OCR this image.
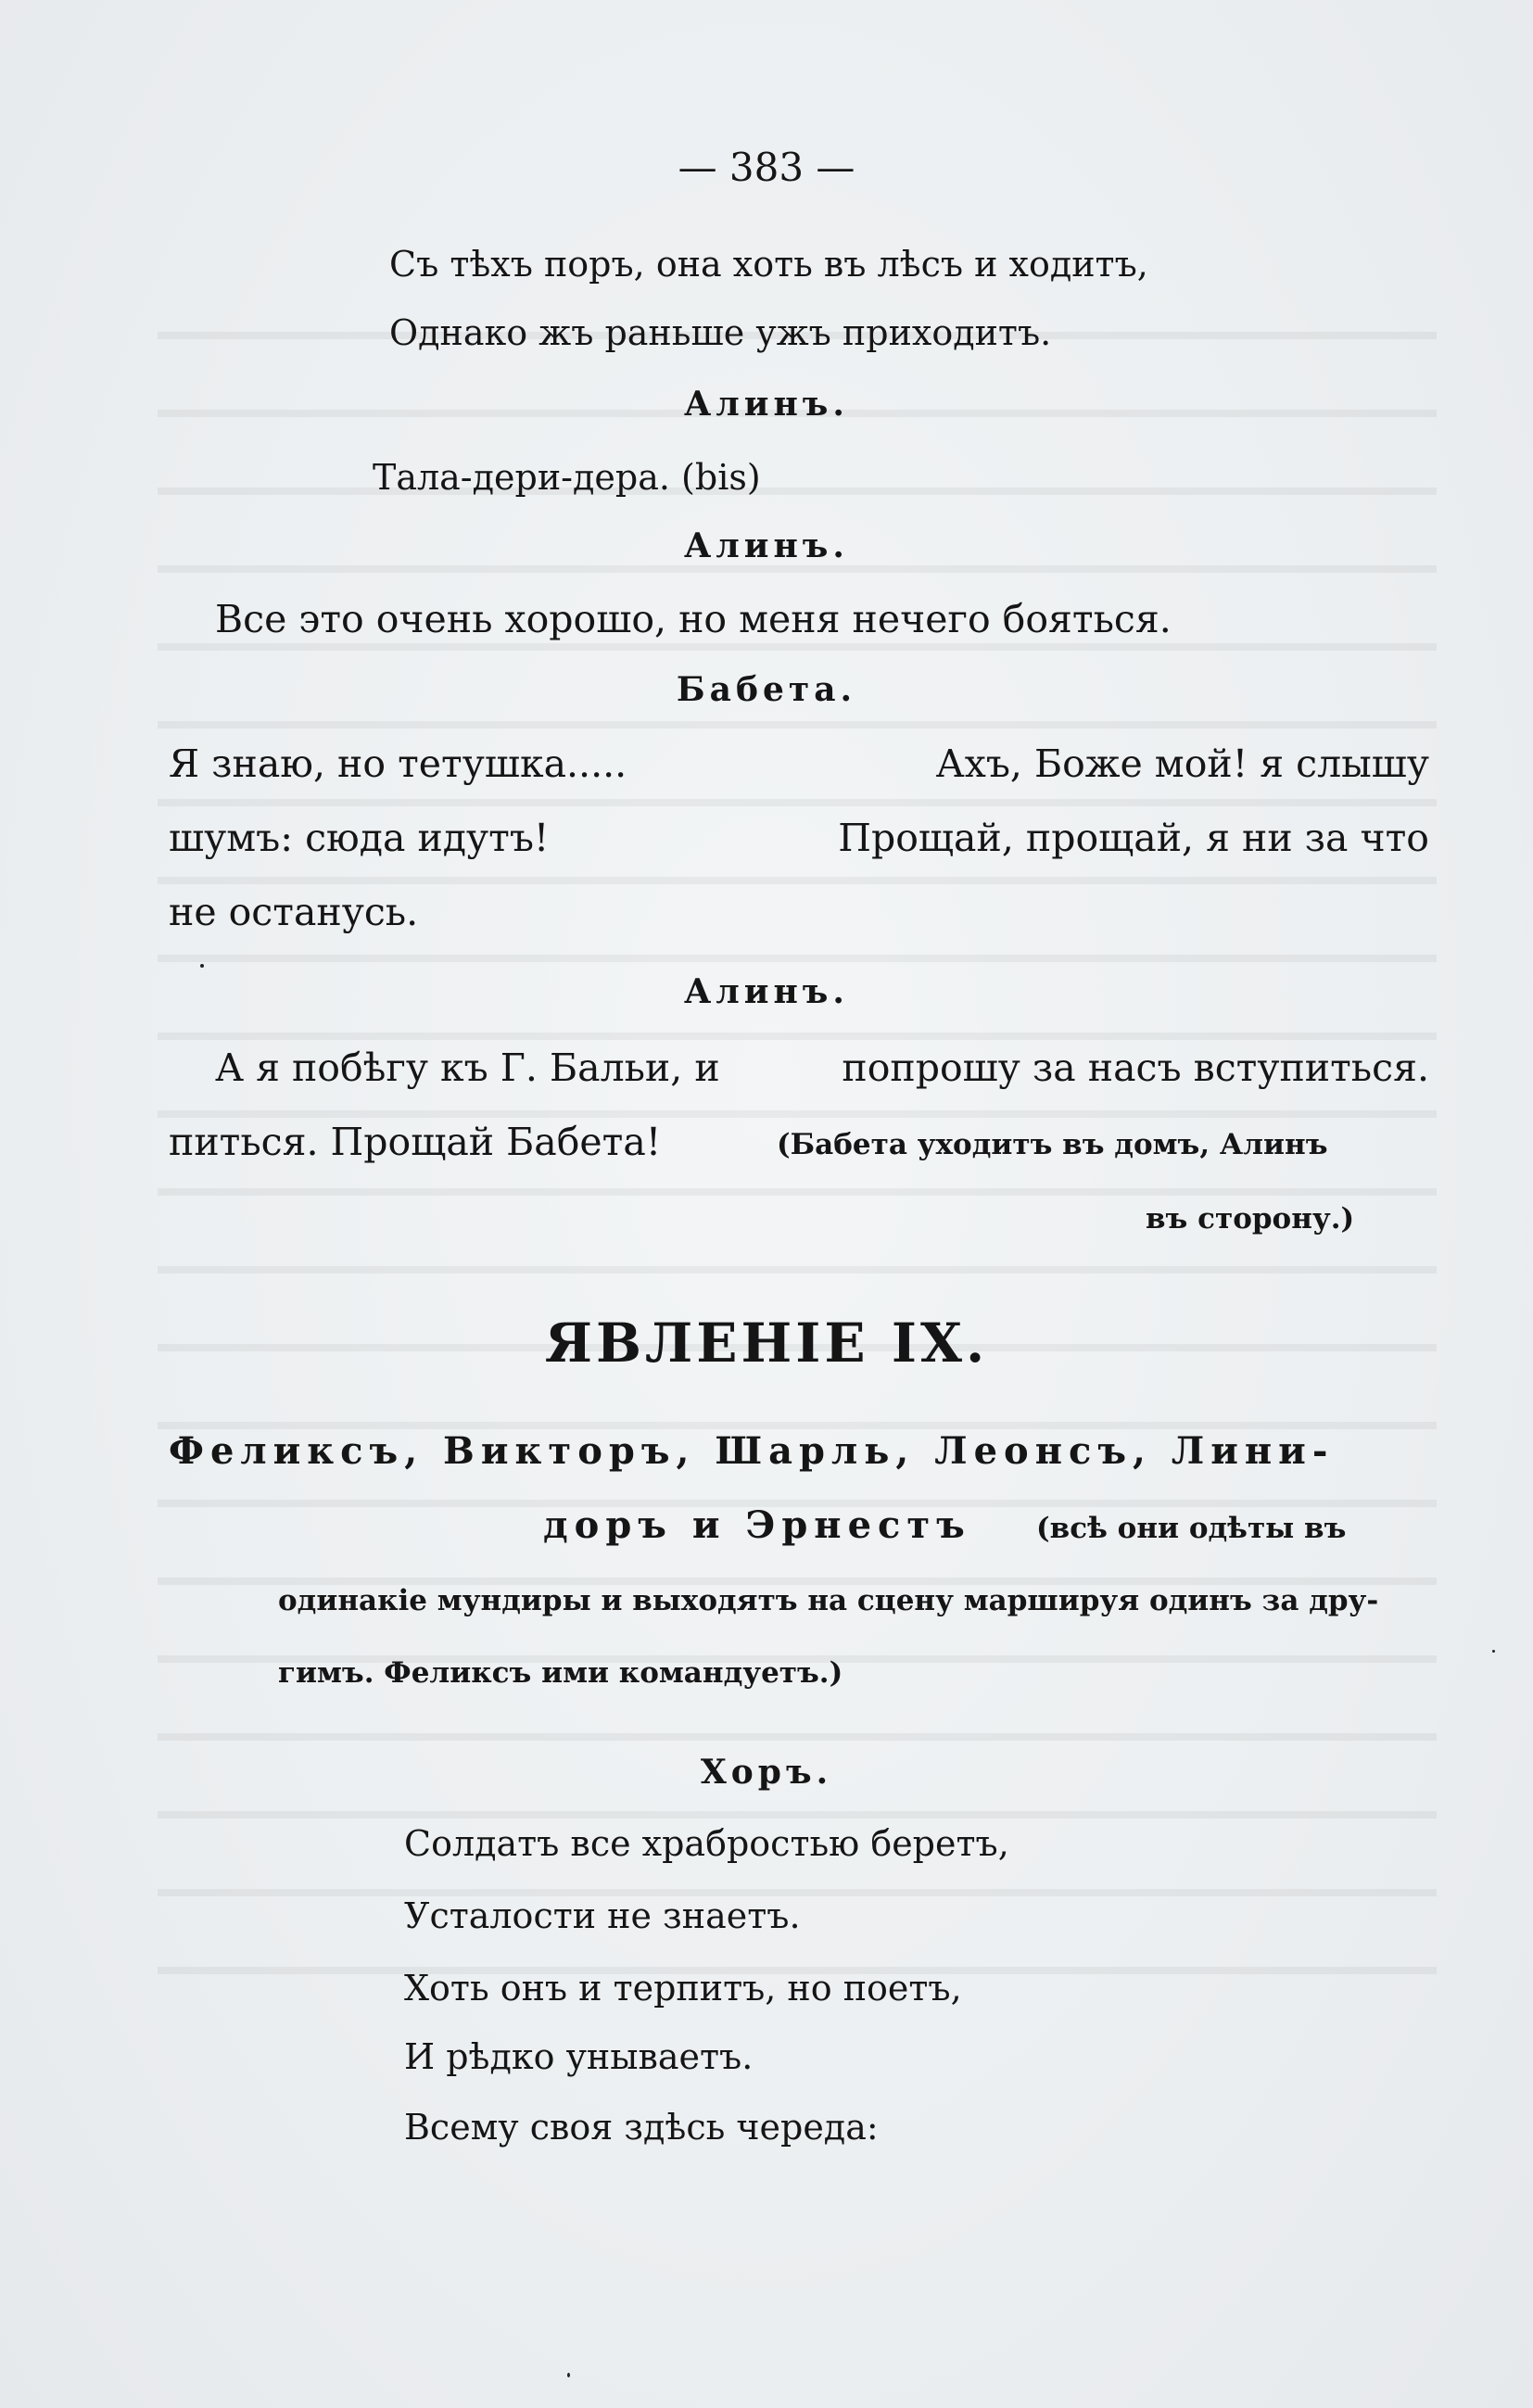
— 383 —
Съ тѣхъ поръ, она хоть въ лѣсъ и ходитъ,
Однако жъ раньше ужъ приходитъ.
Алинъ.
Тала-дери-дера. (bis)
Алинъ.
Все это очень хорошо, но меня нечего бояться.
Бабета.
Я знаю, но тетушка.....	Ахъ, Боже мой! я слышу
шумъ: сюда идутъ!	Прощай, прощай, я ни за что
не останусь.
Алинъ.
А я побѣгу къ Г. Бальи, и	попрошу за насъ вступиться.
питься. Прощай Бабета!	(Бабета уходитъ въ домъ, Алинъ
въ сторону.)
ЯВЛЕНІЕ IX.
Феликсъ, Викторъ, Шарль, Леонсъ, Лини-
доръ и Эрнестъ (всѣ они одѣты въ
одинакіе мундиры и выходятъ на сцену маршируя одинъ за дру-
гимъ. Феликсъ ими командуетъ.)
Хоръ.
Солдатъ все храбростью беретъ,
Усталости не знаетъ.
Хоть онъ и терпитъ, но поетъ,
И рѣдко унываетъ.
Всему своя здѣсь череда:
